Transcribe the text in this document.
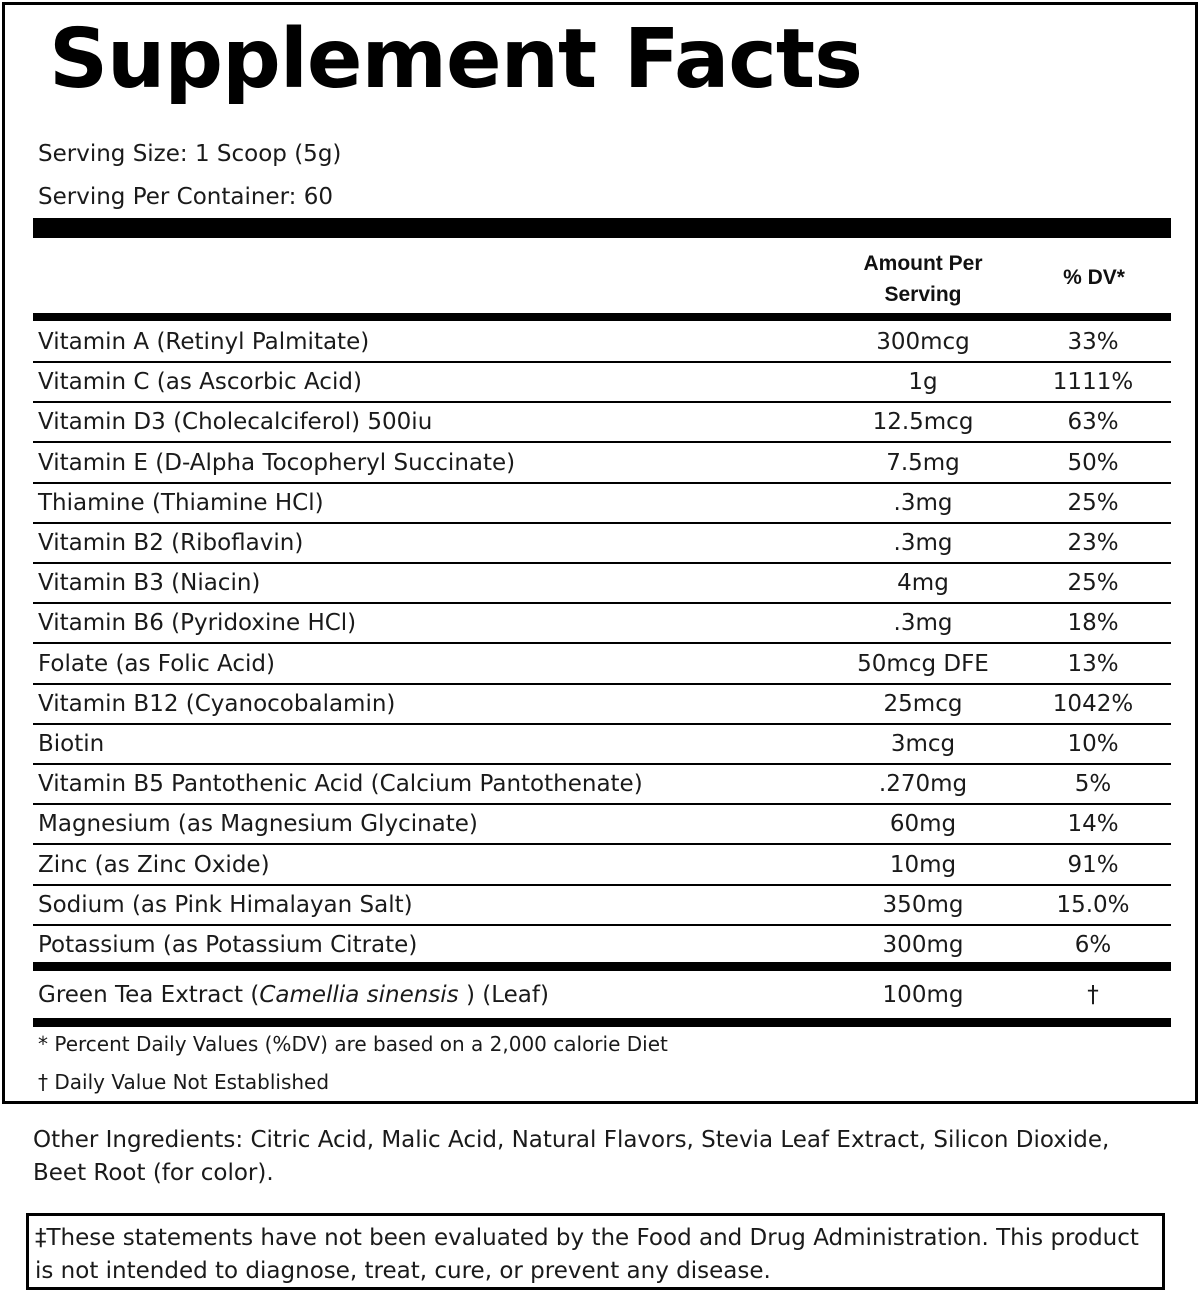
Supplement Facts
Serving Size: 1 Scoop (5g)
Serving Per Container: 60
Amount Per
Serving
% DV*
Vitamin A (Retinyl Palmitate)	300mcg	33%
Vitamin C (as Ascorbic Acid)	1g	1111%
Vitamin D3 (Cholecalciferol) 500iu	12.5mcg	63%
Vitamin E (D-Alpha Tocopheryl Succinate)	7.5mg	50%
Thiamine (Thiamine HCl)	.3mg	25%
Vitamin B2 (Riboflavin)	.3mg	23%
Vitamin B3 (Niacin)	4mg	25%
Vitamin B6 (Pyridoxine HCl)	.3mg	18%
Folate (as Folic Acid)	50mcg DFE	13%
Vitamin B12 (Cyanocobalamin)	25mcg	1042%
Biotin	3mcg	10%
Vitamin B5 Pantothenic Acid (Calcium Pantothenate)	.270mg	5%
Magnesium (as Magnesium Glycinate)	60mg	14%
Zinc (as Zinc Oxide)	10mg	91%
Sodium (as Pink Himalayan Salt)	350mg	15.0%
Potassium (as Potassium Citrate)	300mg	6%
Green Tea Extract (Camellia sinensis ) (Leaf)	100mg	†
* Percent Daily Values (%DV) are based on a 2,000 calorie Diet
† Daily Value Not Established
Other Ingredients: Citric Acid, Malic Acid, Natural Flavors, Stevia Leaf Extract, Silicon Dioxide, Beet Root (for color).
‡These statements have not been evaluated by the Food and Drug Administration. This product is not intended to diagnose, treat, cure, or prevent any disease.
